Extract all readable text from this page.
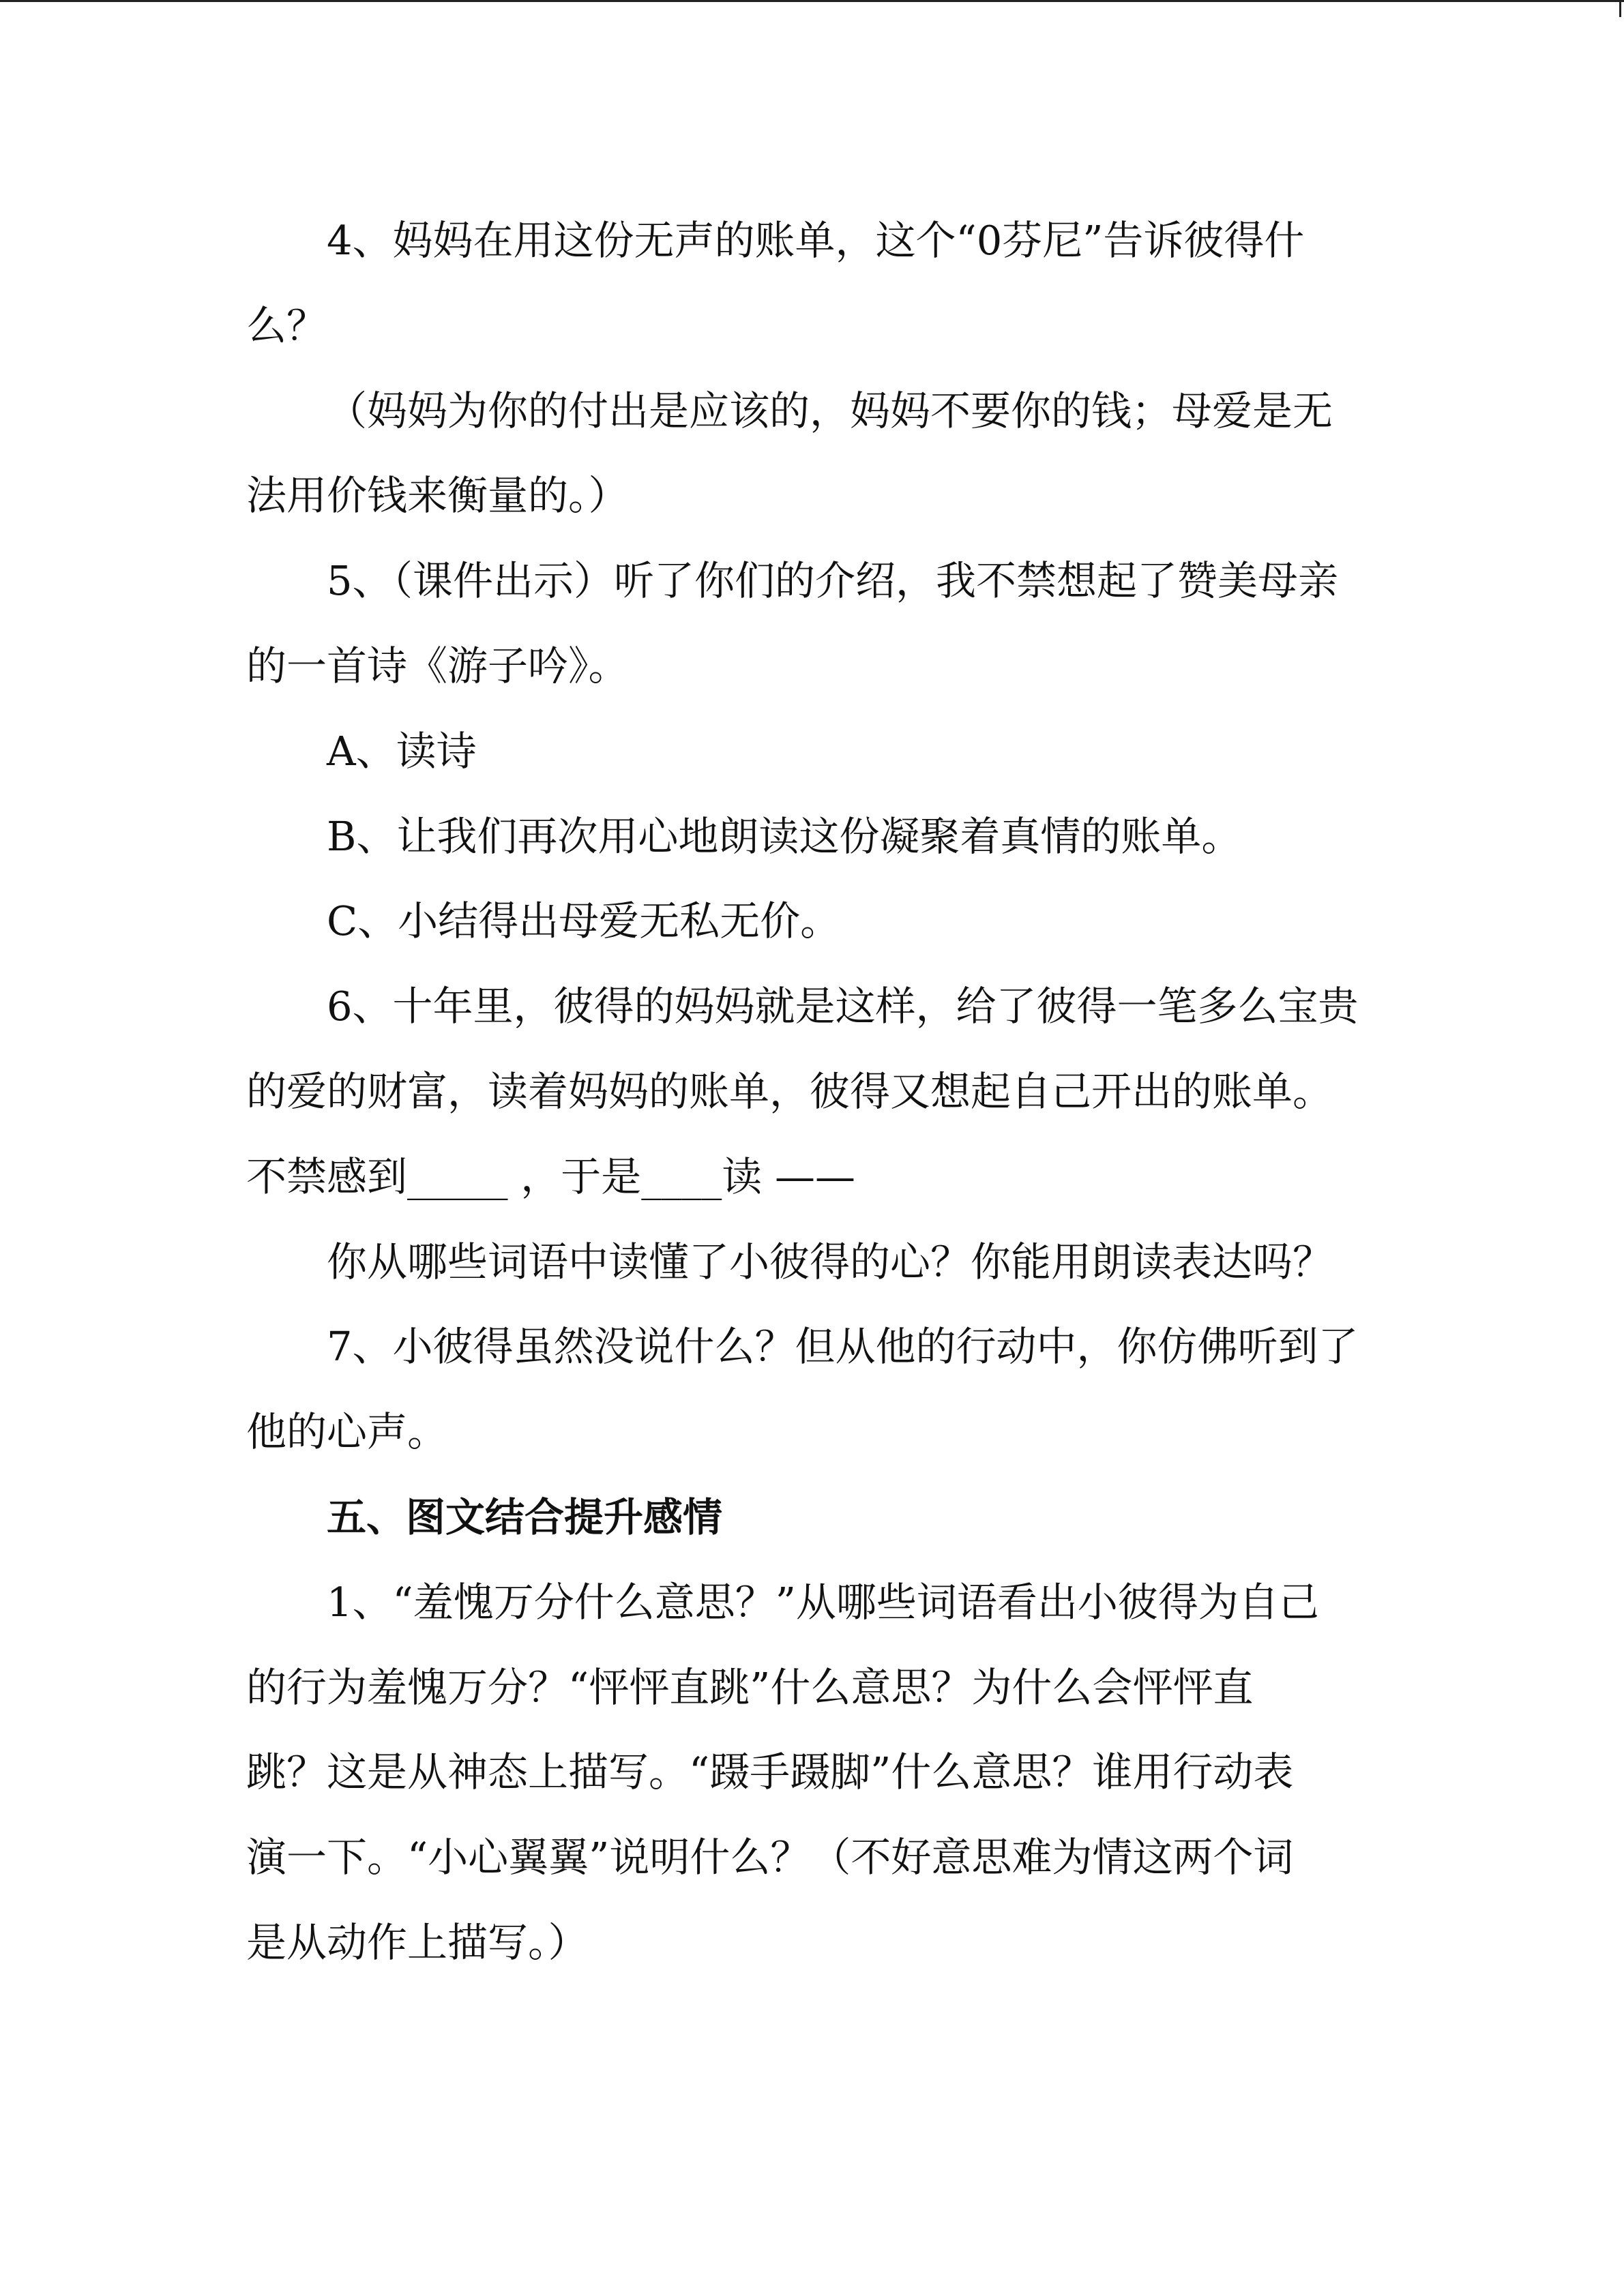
4、妈妈在用这份无声的账单，这个“0芬尼”告诉彼得什
么？
（妈妈为你的付出是应该的，妈妈不要你的钱；母爱是无
法用价钱来衡量的。）
5、（课件出示）听了你们的介绍，我不禁想起了赞美母亲
的一首诗《游子吟》。
A、读诗
B、让我们再次用心地朗读这份凝聚着真情的账单。
C、小结得出母爱无私无价。
6、十年里，彼得的妈妈就是这样，给了彼得一笔多么宝贵
的爱的财富，读着妈妈的账单，彼得又想起自己开出的账单。
不禁感到_____ ，于是____读 ——
你从哪些词语中读懂了小彼得的心？你能用朗读表达吗？
7、小彼得虽然没说什么？但从他的行动中，你仿佛听到了
他的心声。
五、图文结合提升感情
1、“羞愧万分什么意思？”从哪些词语看出小彼得为自己
的行为羞愧万分？“怦怦直跳”什么意思？为什么会怦怦直
跳？这是从神态上描写。“蹑手蹑脚”什么意思？谁用行动表
演一下。“小心翼翼”说明什么？（不好意思难为情这两个词
是从动作上描写。）
